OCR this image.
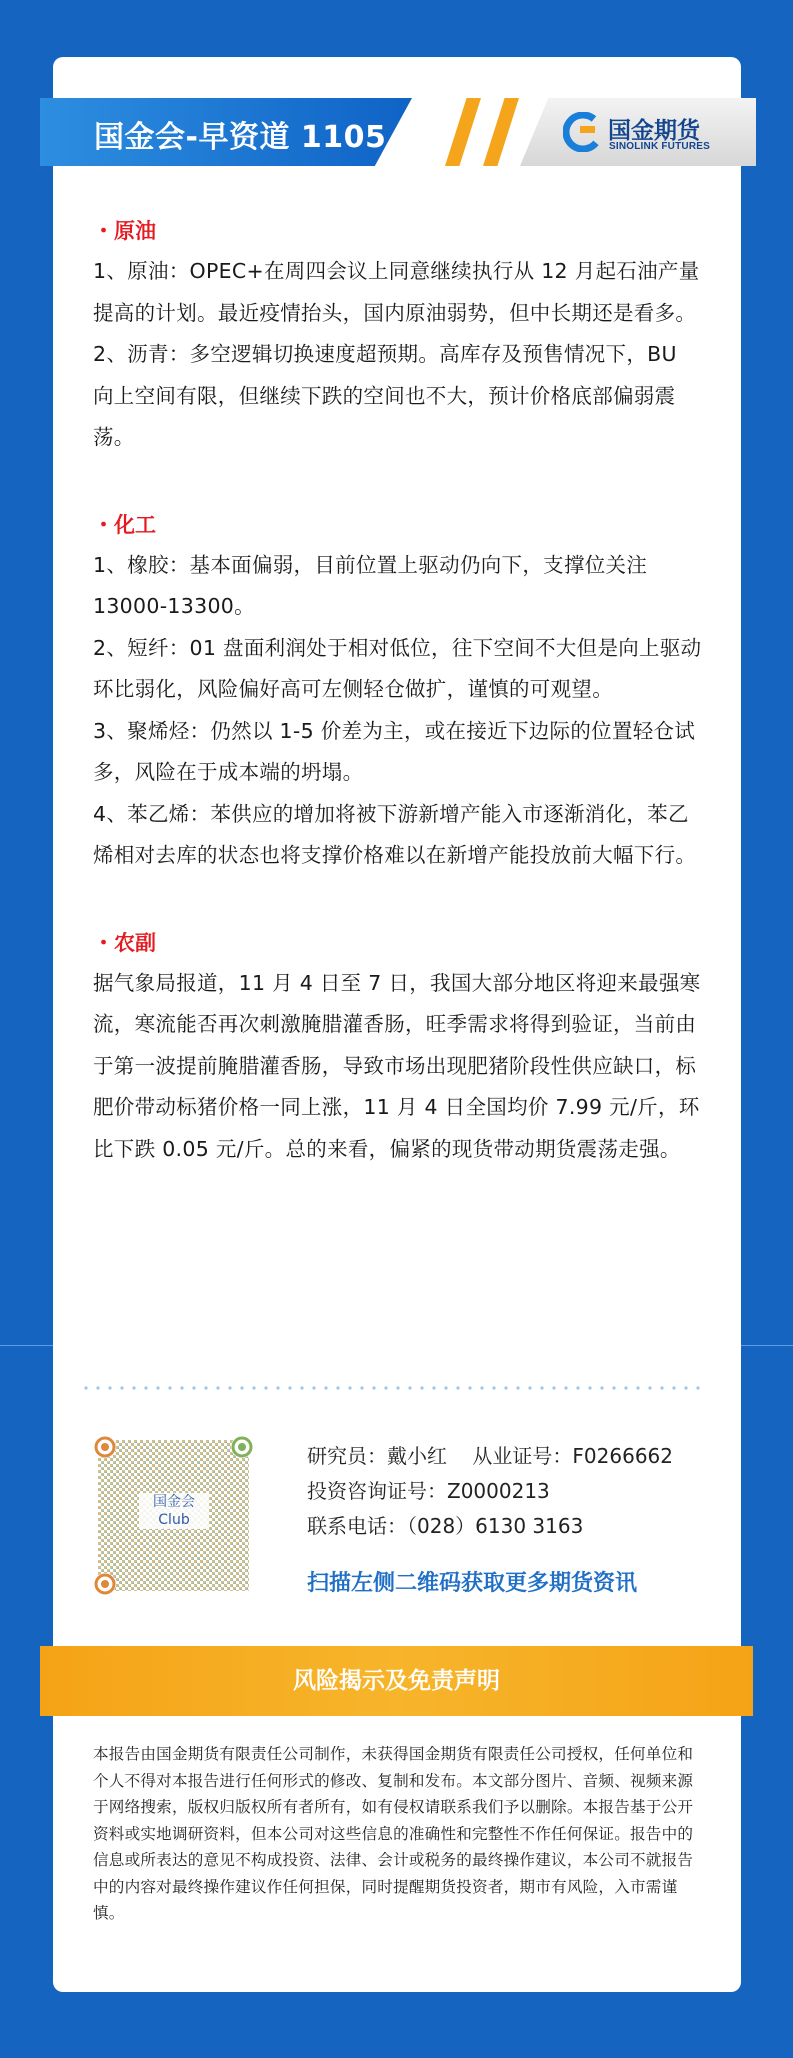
国金会-早资道 1105	国金期货
SINOLINK FUTURES
・原油

1、原油：OPEC+在周四会议上同意继续执行从 12 月起石油产量提高的计划。最近疫情抬头，国内原油弱势，但中长期还是看多。

2、沥青：多空逻辑切换速度超预期。高库存及预售情况下，BU 向上空间有限，但继续下跌的空间也不大，预计价格底部偏弱震荡。

・化工

1、橡胶：基本面偏弱，目前位置上驱动仍向下，支撑位关注 13000-13300。

2、短纤：01 盘面利润处于相对低位，往下空间不大但是向上驱动环比弱化，风险偏好高可左侧轻仓做扩，谨慎的可观望。

3、聚烯烃：仍然以 1-5 价差为主，或在接近下边际的位置轻仓试多，风险在于成本端的坍塌。

4、苯乙烯：苯供应的增加将被下游新增产能入市逐渐消化，苯乙烯相对去库的状态也将支撑价格难以在新增产能投放前大幅下行。

・农副

据气象局报道，11 月 4 日至 7 日，我国大部分地区将迎来最强寒流，寒流能否再次刺激腌腊灌香肠，旺季需求将得到验证，当前由于第一波提前腌腊灌香肠，导致市场出现肥猪阶段性供应缺口，标肥价带动标猪价格一同上涨，11 月 4 日全国均价 7.99 元/斤，环比下跌 0.05 元/斤。总的来看，偏紧的现货带动期货震荡走强。

国金会
Club
研究员：戴小红    从业证号：F0266662
投资咨询证号：Z0000213
联系电话：（028）6130 3163
扫描左侧二维码获取更多期货资讯
风险揭示及免责声明
本报告由国金期货有限责任公司制作，未获得国金期货有限责任公司授权，任何单位和个人不得对本报告进行任何形式的修改、复制和发布。本文部分图片、音频、视频来源于网络搜索，版权归版权所有者所有，如有侵权请联系我们予以删除。本报告基于公开资料或实地调研资料，但本公司对这些信息的准确性和完整性不作任何保证。报告中的信息或所表达的意见不构成投资、法律、会计或税务的最终操作建议，本公司不就报告中的内容对最终操作建议作任何担保，同时提醒期货投资者，期市有风险，入市需谨慎。
